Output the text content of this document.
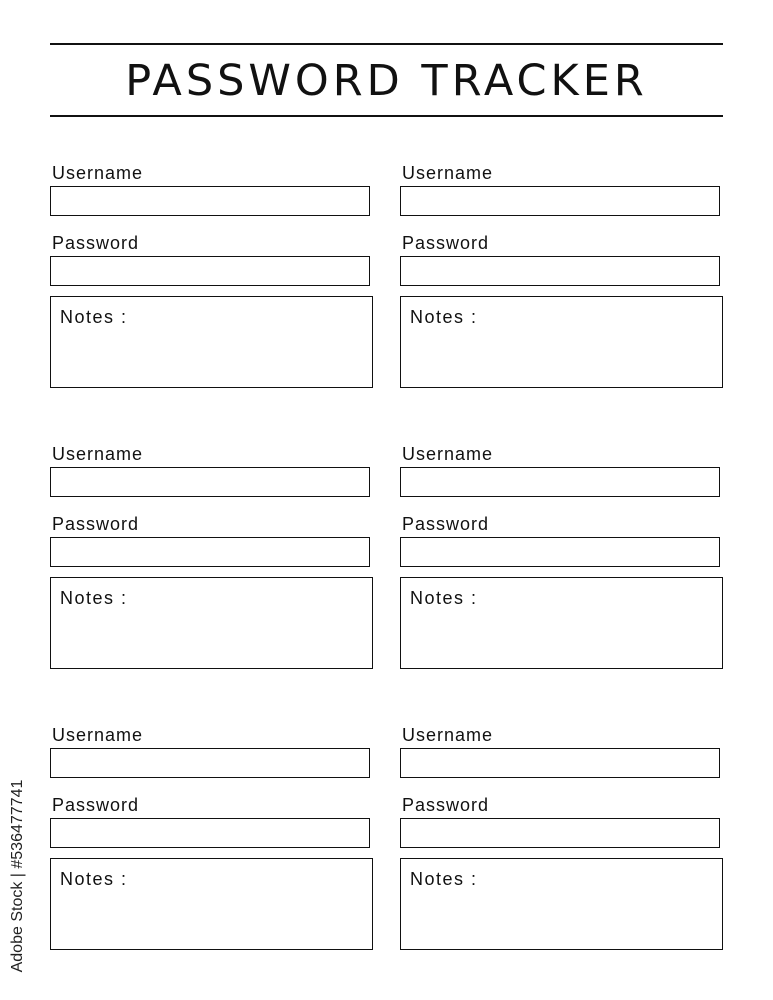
PASSWORD TRACKER
Username
Password
Notes :
Username
Password
Notes :
Username
Password
Notes :
Username
Password
Notes :
Username
Password
Notes :
Username
Password
Notes :
Adobe Stock | #536477741
